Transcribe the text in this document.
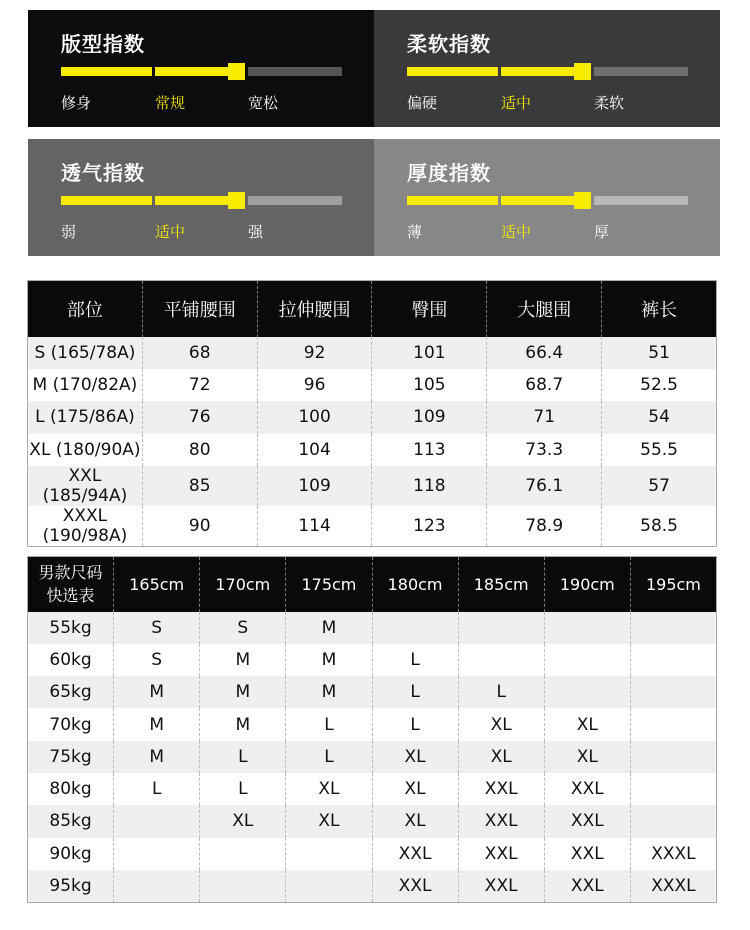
版型指数
修身	常规	宽松
柔软指数
偏硬	适中	柔软
透气指数
弱	适中	强
厚度指数
薄	适中	厚
部位	平铺腰围	拉伸腰围	臀围	大腿围	裤长
S (165/78A)	68	92	101	66.4	51
M (170/82A)	72	96	105	68.7	52.5
L (175/86A)	76	100	109	71	54
XL (180/90A)	80	104	113	73.3	55.5
XXL (185/94A)	85	109	118	76.1	57
XXXL (190/98A)	90	114	123	78.9	58.5
男款尺码
快选表	165cm	170cm	175cm	180cm	185cm	190cm	195cm
55kg	S	S	M				
60kg	S	M	M	L			
65kg	M	M	M	L	L		
70kg	M	M	L	L	XL	XL	
75kg	M	L	L	XL	XL	XL	
80kg	L	L	XL	XL	XXL	XXL	
85kg		XL	XL	XL	XXL	XXL	
90kg				XXL	XXL	XXL	XXXL
95kg				XXL	XXL	XXL	XXXL
